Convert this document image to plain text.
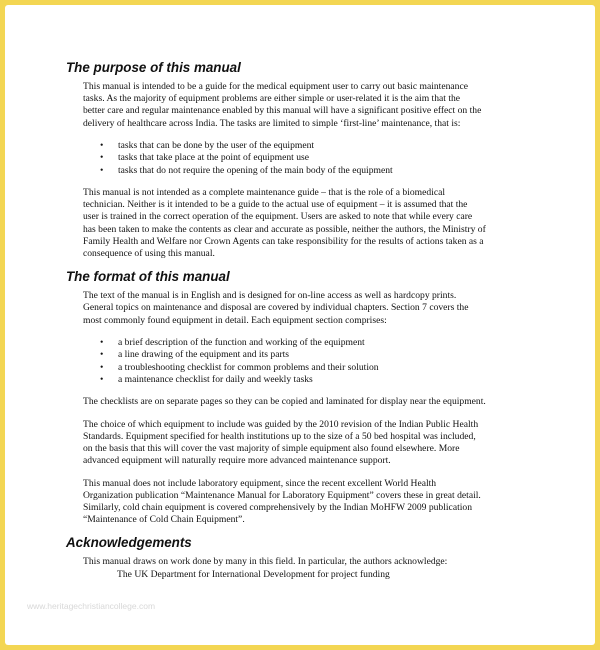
The purpose of this manual
This manual is intended to be a guide for the medical equipment user to carry out basic maintenance
tasks. As the majority of equipment problems are either simple or user-related it is the aim that the
better care and regular maintenance enabled by this manual will have a significant positive effect on the
delivery of healthcare across India. The tasks are limited to simple ‘first-line’ maintenance, that is:
• tasks that can be done by the user of the equipment
• tasks that take place at the point of equipment use
• tasks that do not require the opening of the main body of the equipment
This manual is not intended as a complete maintenance guide – that is the role of a biomedical
technician. Neither is it intended to be a guide to the actual use of equipment – it is assumed that the
user is trained in the correct operation of the equipment. Users are asked to note that while every care
has been taken to make the contents as clear and accurate as possible, neither the authors, the Ministry of
Family Health and Welfare nor Crown Agents can take responsibility for the results of actions taken as a
consequence of using this manual.
The format of this manual
The text of the manual is in English and is designed for on-line access as well as hardcopy prints.
General topics on maintenance and disposal are covered by individual chapters. Section 7 covers the
most commonly found equipment in detail. Each equipment section comprises:
• a brief description of the function and working of the equipment
• a line drawing of the equipment and its parts
• a troubleshooting checklist for common problems and their solution
• a maintenance checklist for daily and weekly tasks
The checklists are on separate pages so they can be copied and laminated for display near the equipment.
The choice of which equipment to include was guided by the 2010 revision of the Indian Public Health
Standards. Equipment specified for health institutions up to the size of a 50 bed hospital was included,
on the basis that this will cover the vast majority of simple equipment also found elsewhere. More
advanced equipment will naturally require more advanced maintenance support.
This manual does not include laboratory equipment, since the recent excellent World Health
Organization publication “Maintenance Manual for Laboratory Equipment” covers these in great detail.
Similarly, cold chain equipment is covered comprehensively by the Indian MoHFW 2009 publication
“Maintenance of Cold Chain Equipment”.
Acknowledgements
This manual draws on work done by many in this field. In particular, the authors acknowledge:
The UK Department for International Development for project funding
www.heritagechristiancollege.com
